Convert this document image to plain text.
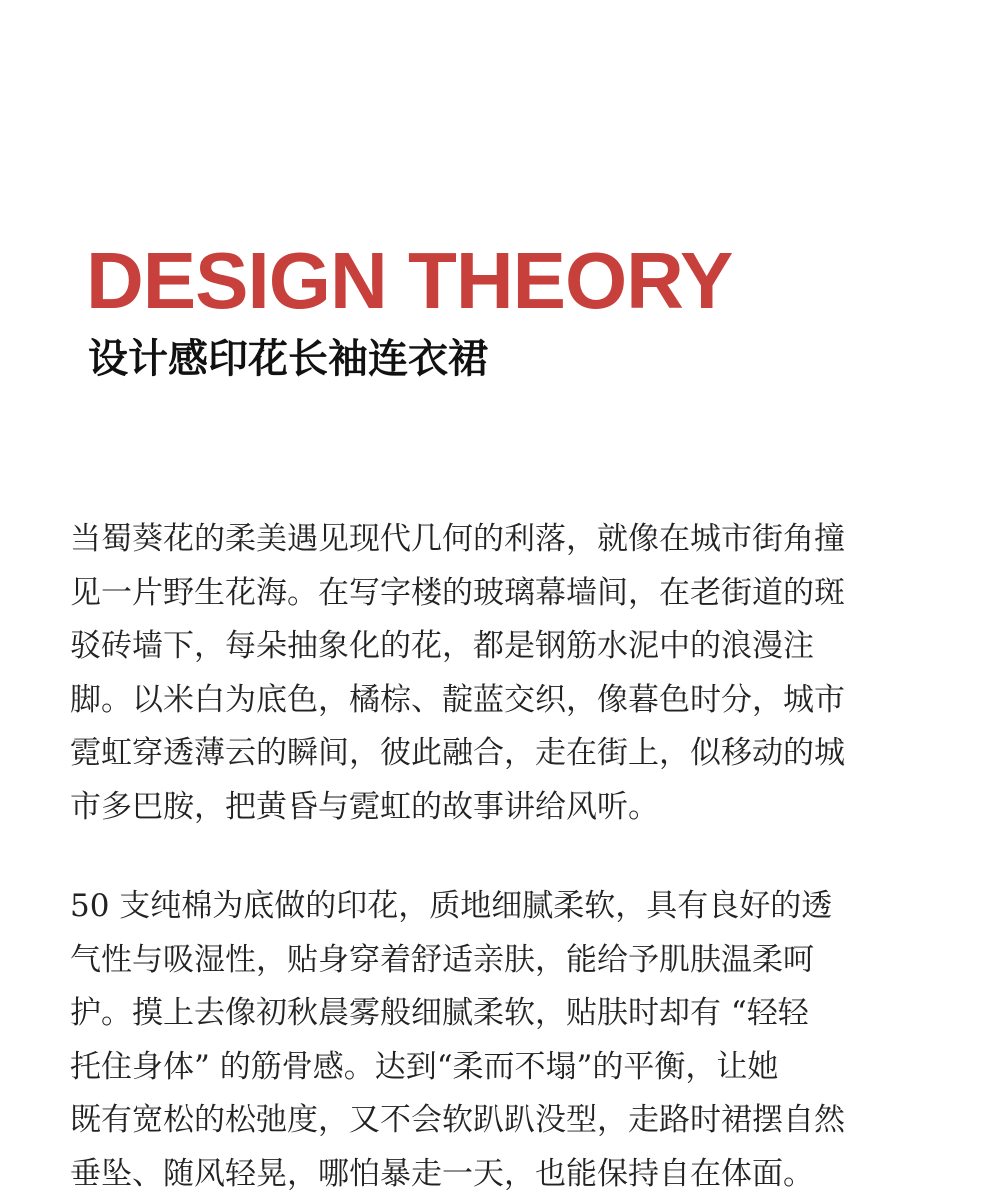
DESIGN THEORY
设计感印花长袖连衣裙

当蜀葵花的柔美遇见现代几何的利落，就像在城市街角撞
见一片野生花海。在写字楼的玻璃幕墙间，在老街道的斑
驳砖墙下，每朵抽象化的花，都是钢筋水泥中的浪漫注
脚。以米白为底色，橘棕、靛蓝交织，像暮色时分，城市
霓虹穿透薄云的瞬间，彼此融合，走在街上，似移动的城
市多巴胺，把黄昏与霓虹的故事讲给风听。

50 支纯棉为底做的印花，质地细腻柔软，具有良好的透
气性与吸湿性，贴身穿着舒适亲肤，能给予肌肤温柔呵
护。摸上去像初秋晨雾般细腻柔软，贴肤时却有 “轻轻
托住身体” 的筋骨感。达到“柔而不塌”的平衡，让她
既有宽松的松弛度，又不会软趴趴没型，走路时裙摆自然
垂坠、随风轻晃，哪怕暴走一天，也能保持自在体面。
